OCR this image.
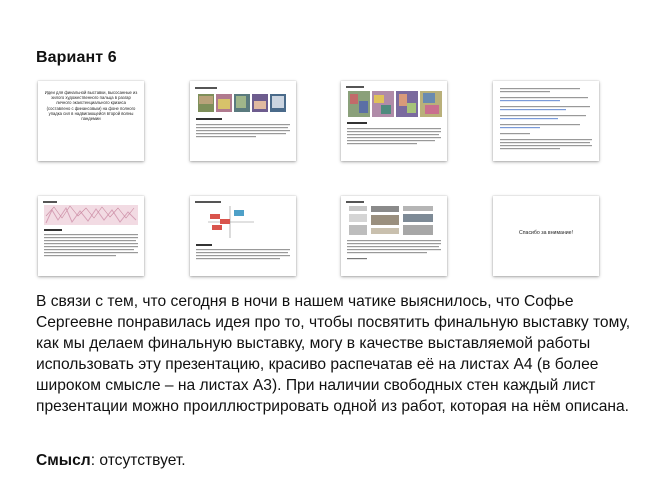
Вариант 6
Идеи для финальной выставки, высосанные из хилого художественного пальца в разгар личного экзистенциального кризиса (составлено с финансовым) на фоне полного упадка сил в надвигающейся второй волны пандемии
Спасибо за внимание!

В связи с тем, что сегодня в ночи в нашем чатике выяснилось, что Софье Сергеевне понравилась идея про то, чтобы посвятить финальную выставку тому, как мы делаем финальную выставку, могу в качестве выставляемой работы использовать эту презентацию, красиво распечатав её на листах А4 (в более широком смысле – на листах А3). При наличии свободных стен каждый лист презентации можно проиллюстрировать одной из работ, которая на нём описана.

Смысл: отсутствует.
